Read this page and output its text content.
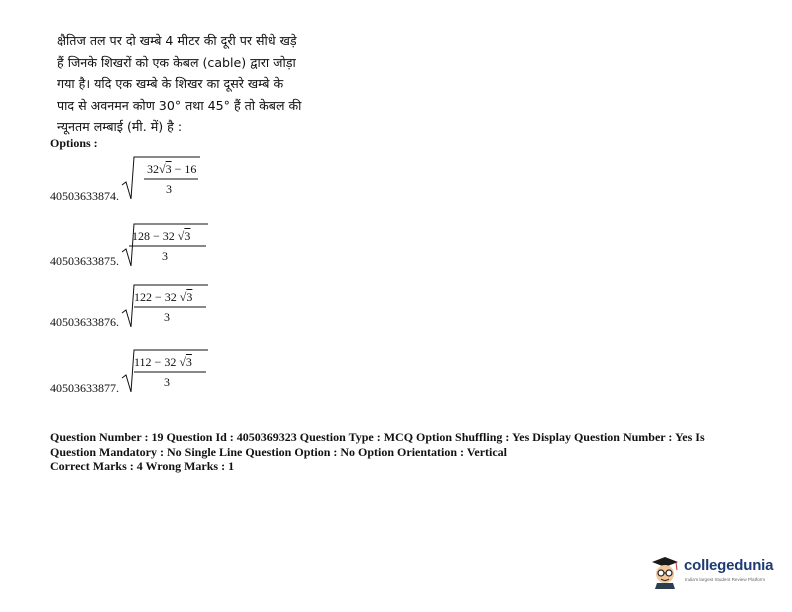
क्षैतिज तल पर दो खम्बे 4 मीटर की दूरी पर सीधे खड़े
हैं जिनके शिखरों को एक केबल (cable) द्वारा जोड़ा
गया है। यदि एक खम्बे के शिखर का दूसरे खम्बे के
पाद से अवनमन कोण 30° तथा 45° हैं तो केबल की
न्यूनतम लम्बाई (मी. में) है :
Options :
40503633874.
32√3 − 16
3
40503633875.
128 − 32 √3
3
40503633876.
122 − 32 √3
3
40503633877.
112 − 32 √3
3
Question Number : 19 Question Id : 4050369323 Question Type : MCQ Option Shuffling : Yes Display Question Number : Yes Is
Question Mandatory : No Single Line Question Option : No Option Orientation : Vertical
Correct Marks : 4 Wrong Marks : 1
collegedunia
India's largest Student Review Platform
